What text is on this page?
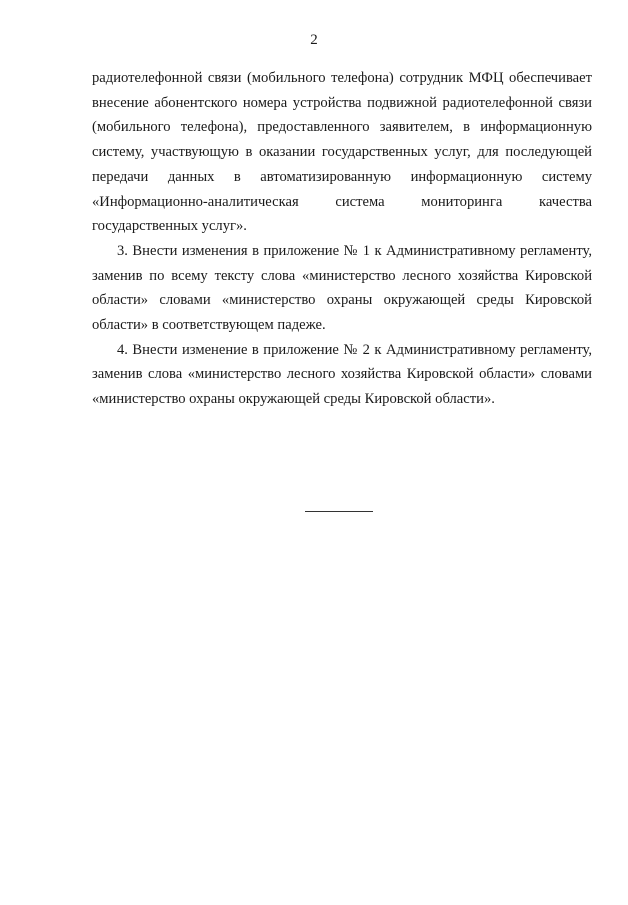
2

радиотелефонной связи (мобильного телефона) сотрудник МФЦ обеспечивает внесение абонентского номера устройства подвижной радиотелефонной связи (мобильного телефона), предоставленного заявителем, в информационную систему, участвующую в оказании государственных услуг, для последующей передачи данных в автоматизированную информационную систему «Информационно-аналитическая система мониторинга качества государственных услуг».

3. Внести изменения в приложение № 1 к Административному регламенту, заменив по всему тексту слова «министерство лесного хозяйства Кировской области» словами «министерство охраны окружающей среды Кировской области» в соответствующем падеже.

4. Внести изменение в приложение № 2 к Административному регламенту, заменив слова «министерство лесного хозяйства Кировской области» словами «министерство охраны окружающей среды Кировской области».
